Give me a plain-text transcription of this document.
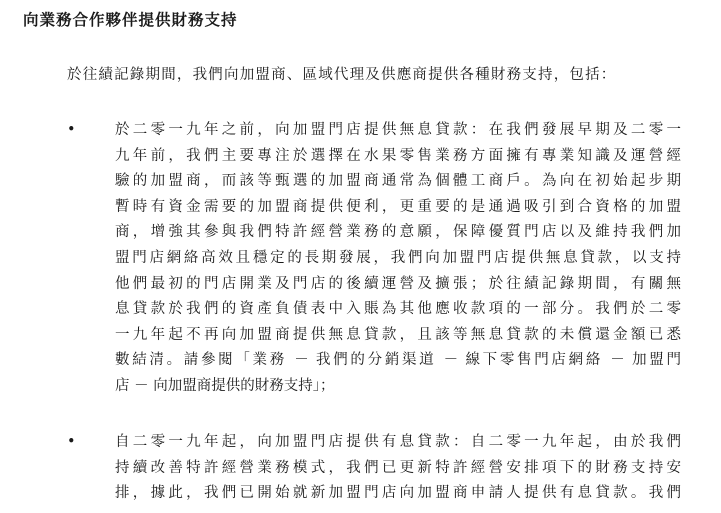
向業務合作夥伴提供財務支持
於往績記錄期間，我們向加盟商、區域代理及供應商提供各種財務支持，包括：
•	於二零一九年之前，向加盟門店提供無息貸款：在我們發展早期及二零一
九年前，我們主要專注於選擇在水果零售業務方面擁有專業知識及運營經
驗的加盟商，而該等甄選的加盟商通常為個體工商戶。為向在初始起步期
暫時有資金需要的加盟商提供便利，更重要的是通過吸引到合資格的加盟
商，增強其參與我們特許經營業務的意願，保障優質門店以及維持我們加
盟門店網絡高效且穩定的長期發展，我們向加盟門店提供無息貸款，以支持
他們最初的門店開業及門店的後續運營及擴張；於往績記錄期間，有關無
息貸款於我們的資產負債表中入賬為其他應收款項的一部分。我們於二零
一九年起不再向加盟商提供無息貸款，且該等無息貸款的未償還金額已悉
數結清。請參閱「業務 － 我們的分銷渠道 － 線下零售門店網絡 － 加盟門
店 － 向加盟商提供的財務支持」；
•	自二零一九年起，向加盟門店提供有息貸款：自二零一九年起，由於我們
持續改善特許經營業務模式，我們已更新特許經營安排項下的財務支持安
排，據此，我們已開始就新加盟門店向加盟商申請人提供有息貸款。我們
